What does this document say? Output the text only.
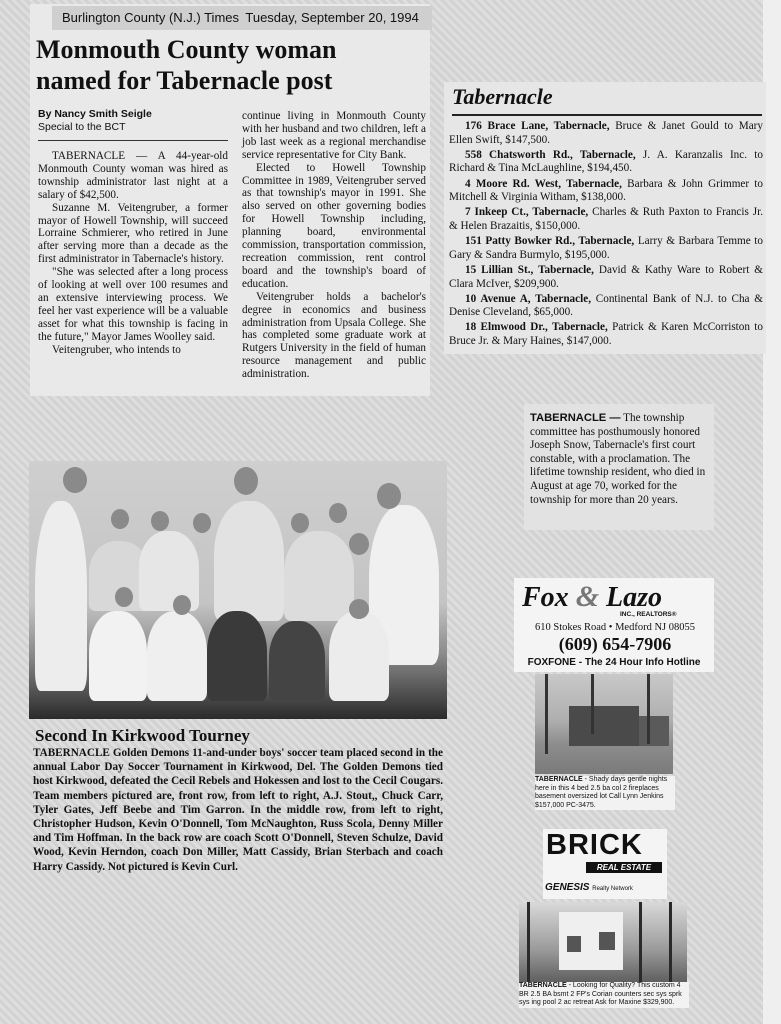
Burlington County (N.J.) Times Tuesday, September 20, 1994
Monmouth County woman
named for Tabernacle post
By Nancy Smith Seigle
Special to the BCT

TABERNACLE — A 44-year-old Monmouth County woman was hired as township administrator last night at a salary of $42,500.

Suzanne M. Veitengruber, a former mayor of Howell Township, will succeed Lorraine Schmierer, who retired in June after serving more than a decade as the first administrator in Tabernacle's history.

"She was selected after a long process of looking at well over 100 resumes and an extensive interviewing process. We feel her vast experience will be a valuable asset for what this township is facing in the future," Mayor James Woolley said.

Veitengruber, who intends to

continue living in Monmouth County with her husband and two children, left a job last week as a regional merchandise service representative for City Bank.

Elected to Howell Township Committee in 1989, Veitengruber served as that township's mayor in 1991. She also served on other governing bodies for Howell Township including, planning board, environmental commission, transportation commission, recreation commission, rent control board and the township's board of education.

Veitengruber holds a bachelor's degree in economics and business administration from Upsala College. She has completed some graduate work at Rutgers University in the field of human resource management and public administration.

Tabernacle
176 Brace Lane, Tabernacle, Bruce & Janet Gould to Mary Ellen Swift, $147,500.
558 Chatsworth Rd., Tabernacle, J. A. Karanzalis Inc. to Richard & Tina McLaughline, $194,450.
4 Moore Rd. West, Tabernacle, Barbara & John Grimmer to Mitchell & Virginia Witham, $138,000.
7 Inkeep Ct., Tabernacle, Charles & Ruth Paxton to Francis Jr. & Helen Brazaitis, $150,000.
151 Patty Bowker Rd., Tabernacle, Larry & Barbara Temme to Gary & Sandra Burmylo, $195,000.
15 Lillian St., Tabernacle, David & Kathy Ware to Robert & Clara McIver, $209,900.
10 Avenue A, Tabernacle, Continental Bank of N.J. to Cha & Denise Cleveland, $65,000.
18 Elmwood Dr., Tabernacle, Patrick & Karen McCorriston to Bruce Jr. & Mary Haines, $147,000.
TABERNACLE — The township committee has posthumously honored Joseph Snow, Tabernacle's first court constable, with a proclamation. The lifetime township resident, who died in August at age 70, worked for the township for more than 20 years.
Second In Kirkwood Tourney
TABERNACLE Golden Demons 11-and-under boys' soccer team placed second in the annual Labor Day Soccer Tournament in Kirkwood, Del. The Golden Demons tied host Kirkwood, defeated the Cecil Rebels and Hokessen and lost to the Cecil Cougars. Team members pictured are, front row, from left to right, A.J. Stout,, Chuck Carr, Tyler Gates, Jeff Beebe and Tim Garron. In the middle row, from left to right, Christopher Hudson, Kevin O'Donnell, Tom McNaughton, Russ Scola, Denny Miller and Tim Hoffman. In the back row are coach Scott O'Donnell, Steven Schulze, David Wood, Kevin Herndon, coach Don Miller, Matt Cassidy, Brian Sterbach and coach Harry Cassidy. Not pictured is Kevin Curl.
Fox & Lazo
INC., REALTORS®
610 Stokes Road • Medford NJ 08055
(609) 654-7906
FOXFONE - The 24 Hour Info Hotline
TABERNACLE - Shady days gentle nights here in this 4 bed 2.5 ba col 2 fireplaces basement oversized lot Call Lynn Jenkins $157,000 PC-3475.
BRICK
REAL ESTATE
GENESIS Realty Network
TABERNACLE - Looking for Quality? This custom 4 BR 2.5 BA bsmt 2 FP's Corian counters sec sys sprk sys ing pool 2 ac retreat Ask for Maxine $329,900.
